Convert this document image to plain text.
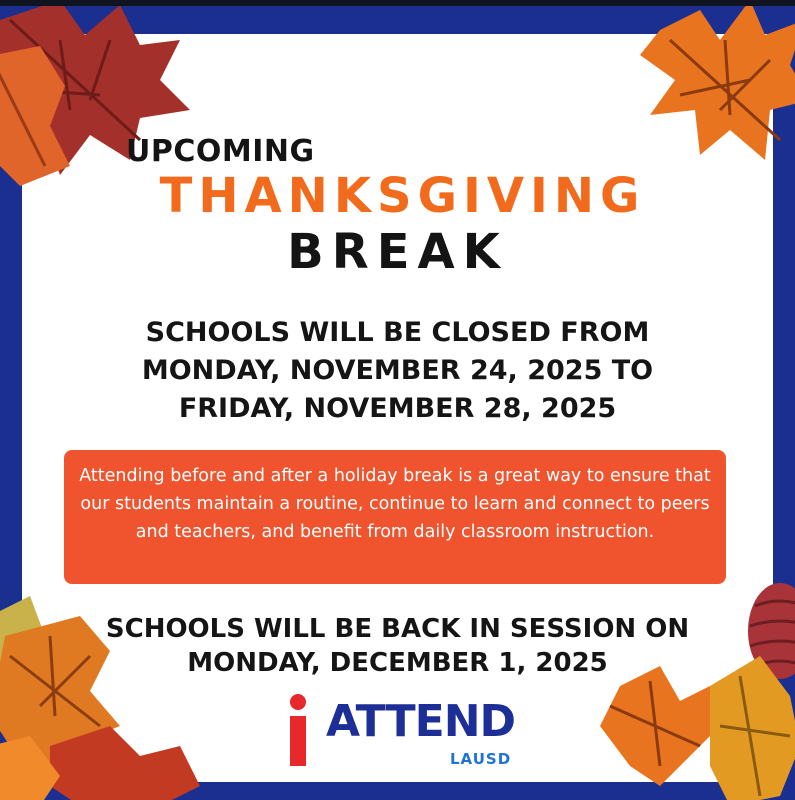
UPCOMING
THANKSGIVING
BREAK
SCHOOLS WILL BE CLOSED FROM
MONDAY, NOVEMBER 24, 2025 TO
FRIDAY, NOVEMBER 28, 2025

Attending before and after a holiday break is a great way to ensure that our students maintain a routine, continue to learn and connect to peers and teachers, and benefit from daily classroom instruction.

SCHOOLS WILL BE BACK IN SESSION ON
MONDAY, DECEMBER 1, 2025
ATTEND
LAUSD
